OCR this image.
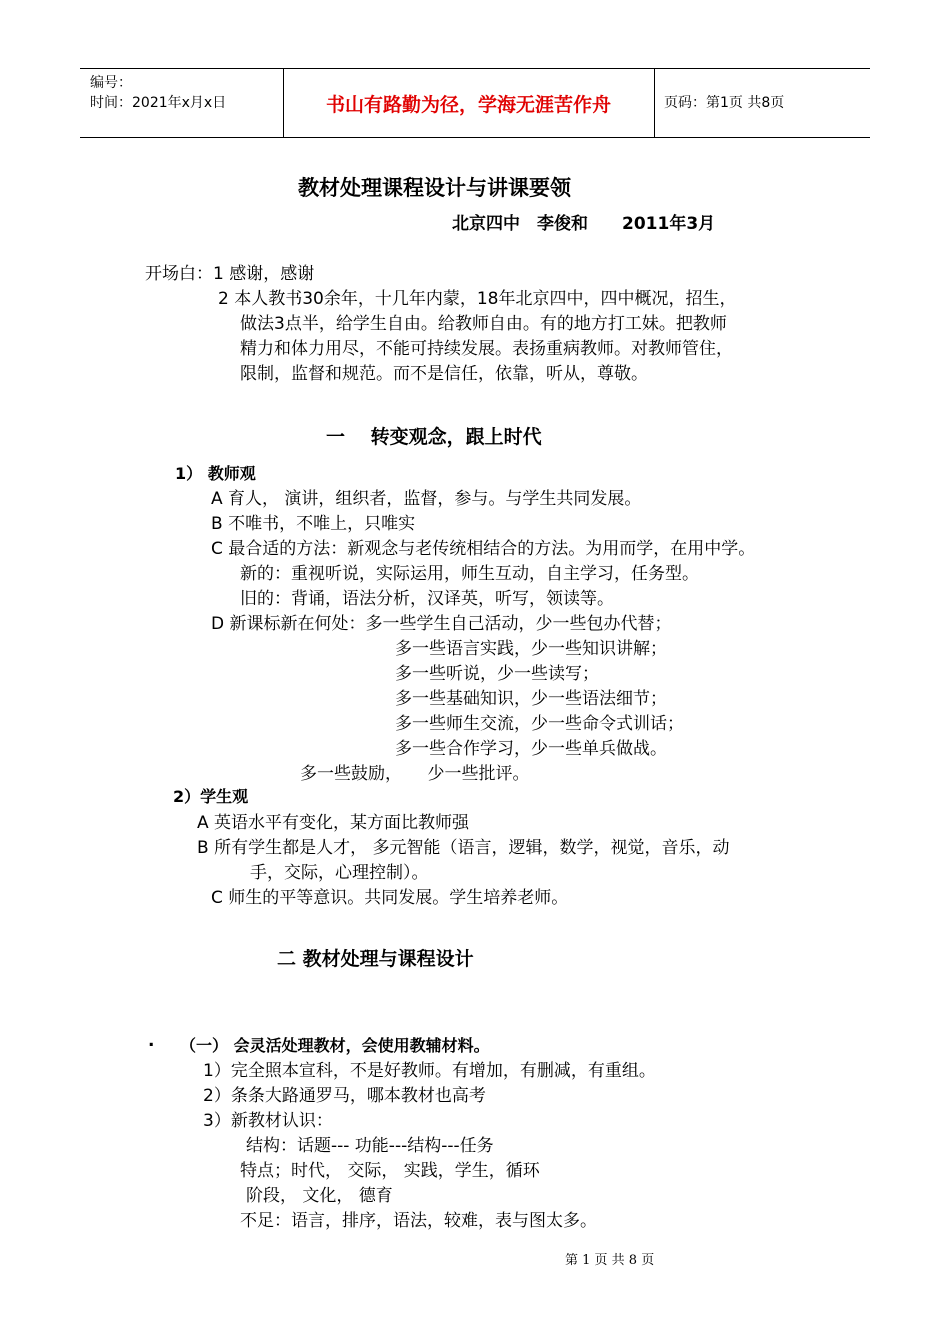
编号：
时间：2021年x月x日	书山有路勤为径，学海无涯苦作舟	页码：第1页 共8页
教材处理课程设计与讲课要领
北京四中　李俊和　　2011年3月
开场白：1 感谢，感谢
2 本人教书30余年，十几年内蒙，18年北京四中，四中概况，招生，
做法3点半，给学生自由。给教师自由。有的地方打工妹。把教师
精力和体力用尽，不能可持续发展。表扬重病教师。对教师管住，
限制，监督和规范。而不是信任，依靠，听从，尊敬。
一　 转变观念，跟上时代
1） 教师观
A 育人， 演讲，组织者，监督，参与。与学生共同发展。
B 不唯书，不唯上，只唯实
C 最合适的方法：新观念与老传统相结合的方法。为用而学，在用中学。
新的：重视听说，实际运用，师生互动，自主学习，任务型。
旧的：背诵，语法分析，汉译英，听写，领读等。
D 新课标新在何处：多一些学生自己活动，少一些包办代替；
多一些语言实践，少一些知识讲解；
多一些听说，少一些读写；
多一些基础知识，少一些语法细节；
多一些师生交流，少一些命令式训话；
多一些合作学习，少一些单兵做战。
多一些鼓励，　　少一些批评。
2）学生观
A 英语水平有变化，某方面比教师强
B 所有学生都是人才， 多元智能（语言，逻辑，数学，视觉，音乐，动
手，交际，心理控制）。
C 师生的平等意识。共同发展。学生培养老师。
二 教材处理与课程设计
. （一） 会灵活处理教材，会使用教辅材料。
1）完全照本宣科，不是好教师。有增加，有删减，有重组。
2）条条大路通罗马，哪本教材也高考
3）新教材认识：
结构：话题--- 功能---结构---任务
特点；时代， 交际， 实践，学生，循环
阶段， 文化， 德育
不足：语言，排序，语法，较难，表与图太多。
第 1 页 共 8 页
